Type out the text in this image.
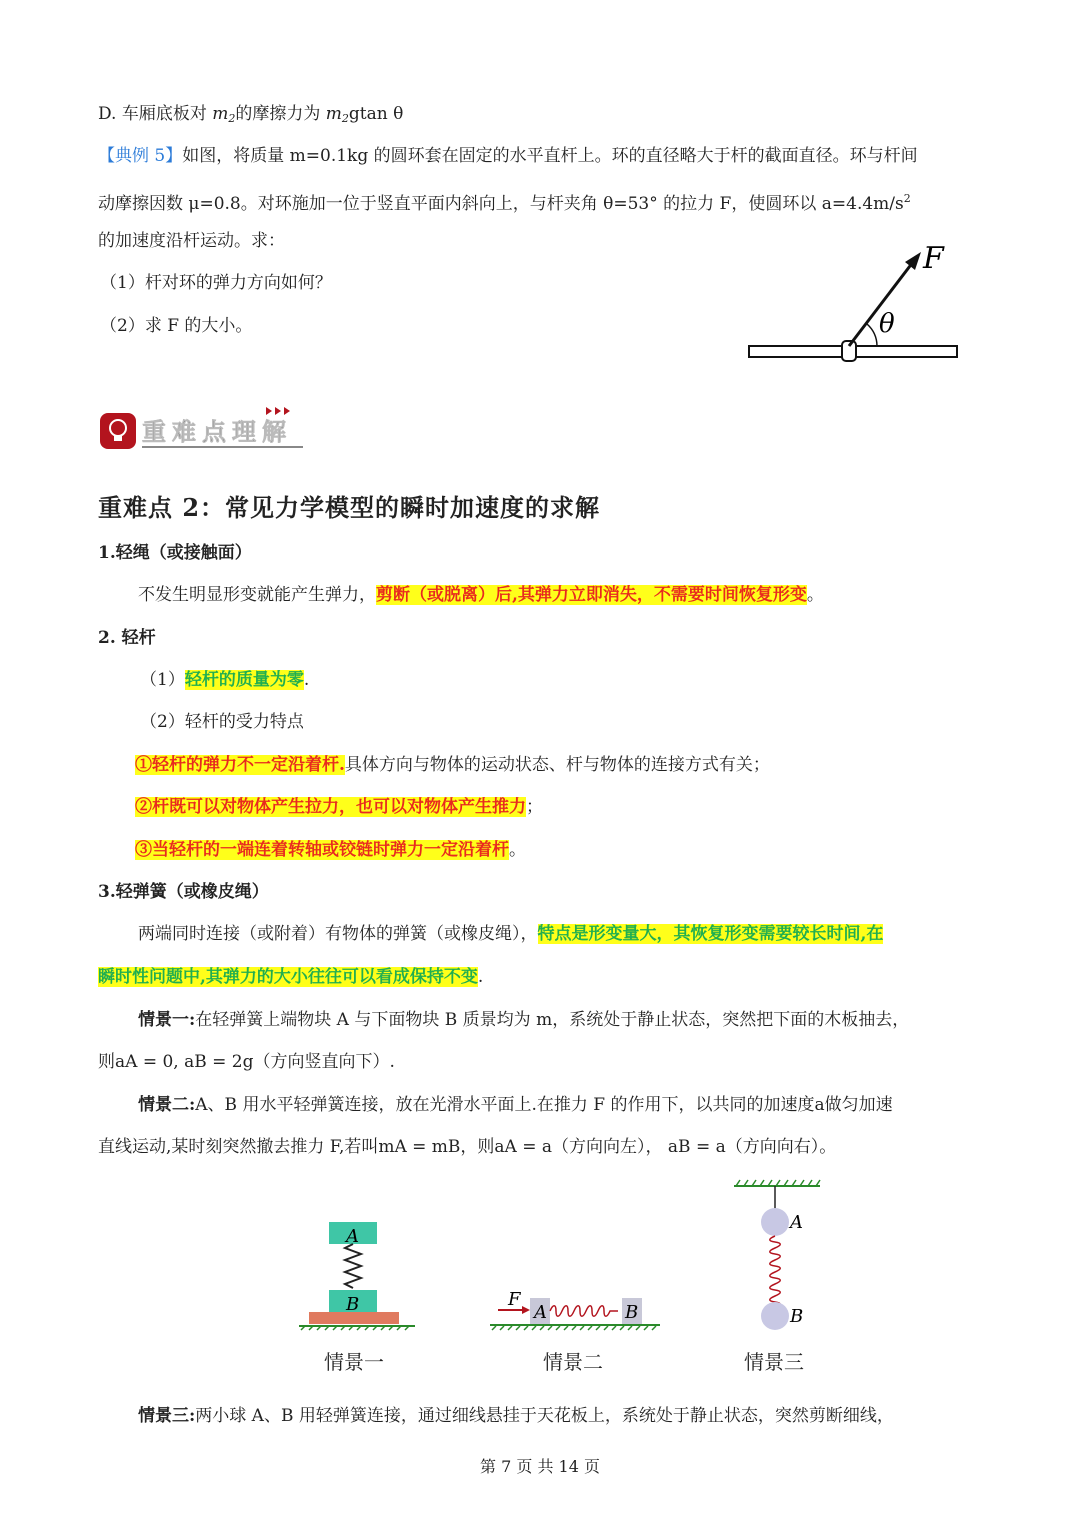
D. 车厢底板对 $m_2$的摩擦力为 $m_2gtan$ θ
【典例 5】如图，将质量 m=0.1kg 的圆环套在固定的水平直杆上。环的直径略大于杆的截面直径。环与杆间
动摩擦因数 μ=0.8。对环施加一位于竖直平面内斜向上，与杆夹角 θ=53° 的拉力 F，使圆环以 $a=4.4m/s^2$
的加速度沿杆运动。求：
（1）杆对环的弹力方向如何？
（2）求 F 的大小。
F
θ
重难点理解
重难点 2：常见力学模型的瞬时加速度的求解
1.轻绳（或接触面）
不发生明显形变就能产生弹力，剪断（或脱离）后,其弹力立即消失，不需要时间恢复形变。
2. 轻杆
（1）轻杆的质量为零.
（2）轻杆的受力特点
①轻杆的弹力不一定沿着杆.具体方向与物体的运动状态、杆与物体的连接方式有关；
②杆既可以对物体产生拉力，也可以对物体产生推力；
③当轻杆的一端连着转轴或铰链时弹力一定沿着杆。
3.轻弹簧（或橡皮绳）
两端同时连接（或附着）有物体的弹簧（或橡皮绳），特点是形变量大，其恢复形变需要较长时间,在
瞬时性问题中,其弹力的大小往往可以看成保持不变.
情景一:在轻弹簧上端物块 A 与下面物块 B 质景均为 m，系统处于静止状态，突然把下面的木板抽去，
则aA = 0, aB = 2g（方向竖直向下）.
情景二:A、B 用水平轻弹簧连接，放在光滑水平面上.在推力 F 的作用下，以共同的加速度a做匀加速
直线运动,某时刻突然撤去推力 F,若叫mA = mB，则aA = a（方向向左）， aB = a（方向向右）。
A
B
情景一
F
A	B
情景二
A
B
情景三
情景三:两小球 A、B 用轻弹簧连接，通过细线悬挂于天花板上，系统处于静止状态，突然剪断细线，
第 7 页 共 14 页
